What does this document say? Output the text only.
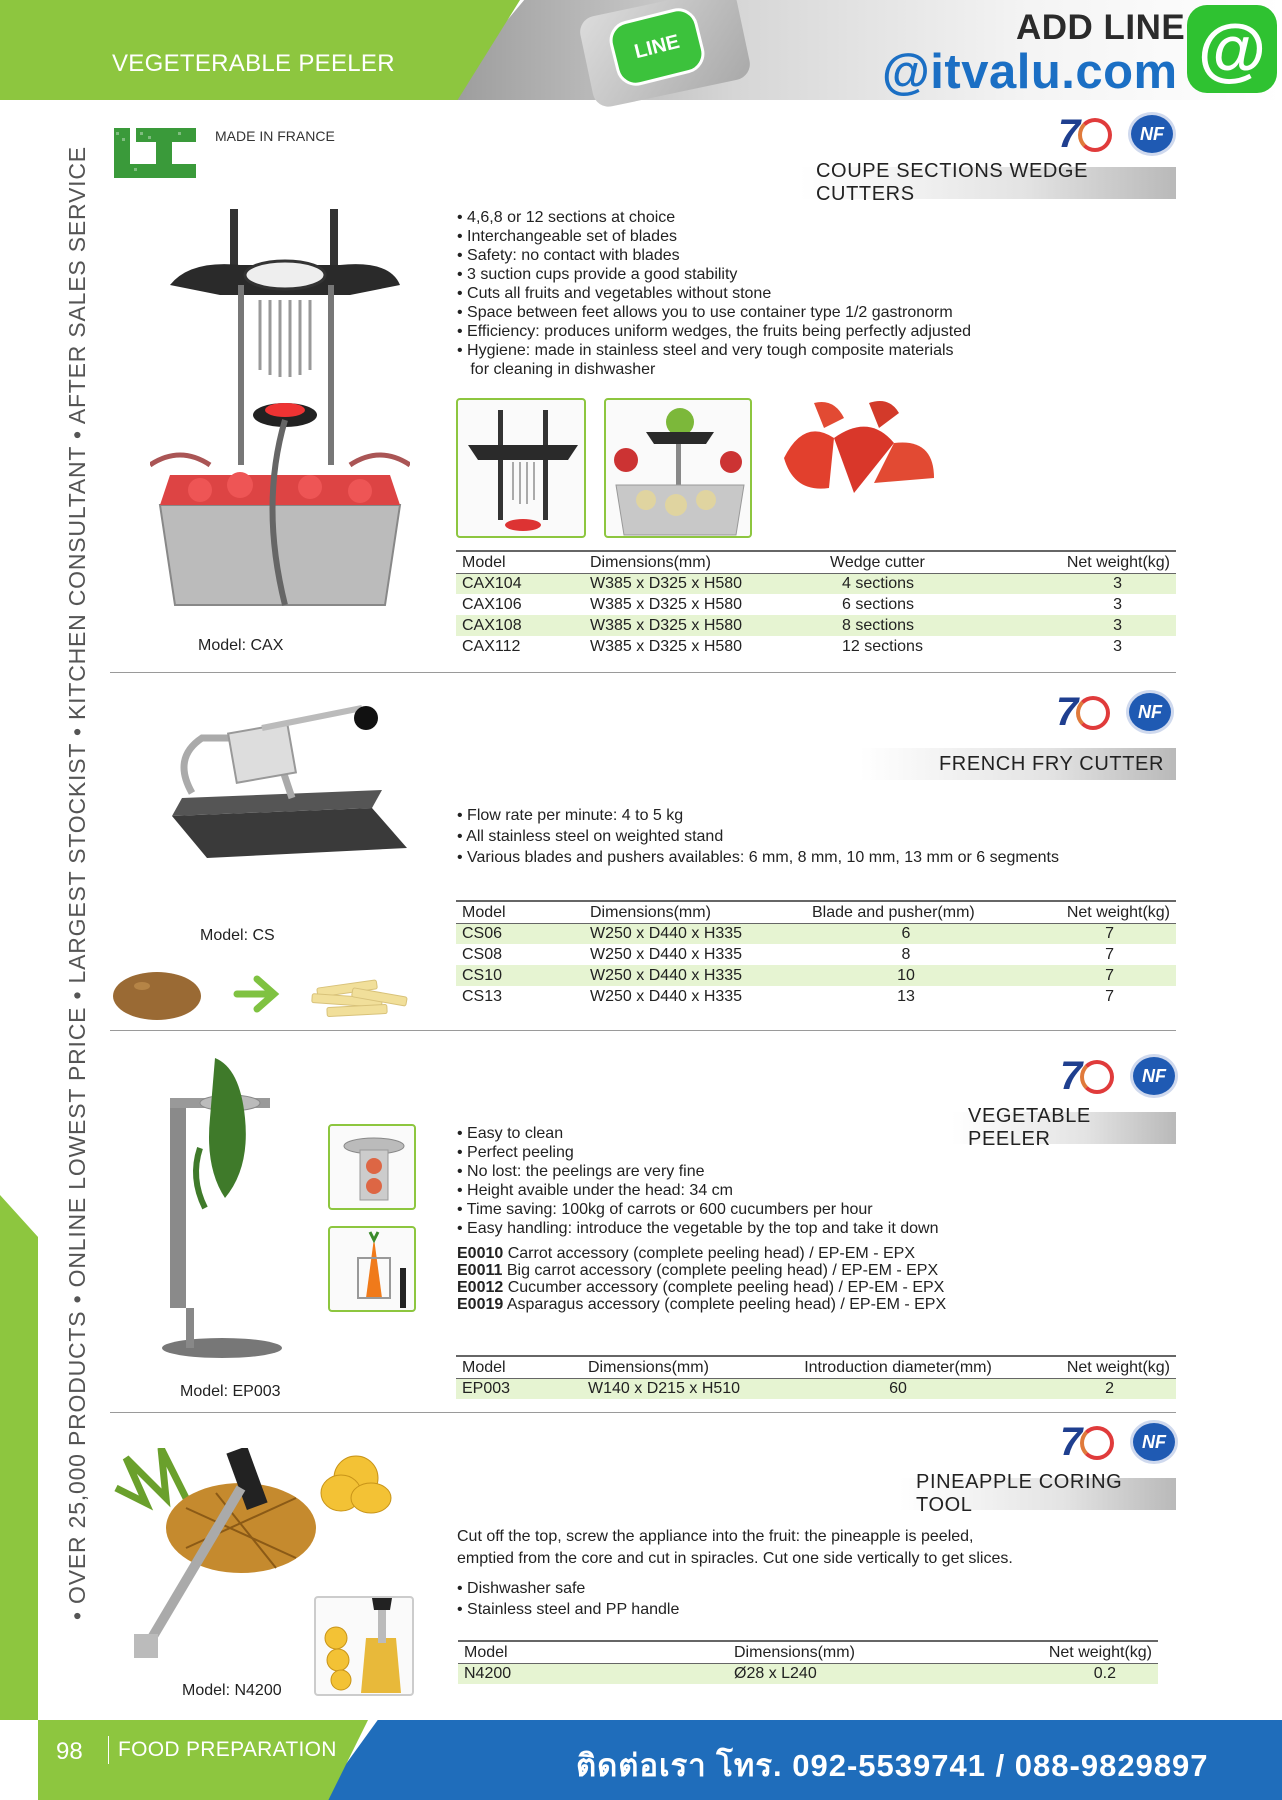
VEGETERABLE PEELER
LINE	ADD LINE
@itvalu.com @
• OVER 25,000 PRODUCTS • ONLINE LOWEST PRICE • LARGEST STOCKIST • KITCHEN CONSULTANT • AFTER SALES SERVICE
MADE IN FRANCE	7	NF
COUPE SECTIONS WEDGE CUTTERS
Model: CAX
• 4,6,8 or 12 sections at choice
• Interchangeable set of blades
• Safety: no contact with blades
• 3 suction cups provide a good stability
• Cuts all fruits and vegetables without stone
• Space between feet allows you to use container type 1/2 gastronorm
• Efficiency: produces uniform wedges, the fruits being perfectly adjusted
• Hygiene: made in stainless steel and very tough composite materials
for cleaning in dishwasher
Model	Dimensions(mm)	Wedge cutter	Net weight(kg)
CAX104	W385 x D325 x H580	4 sections	3
CAX106	W385 x D325 x H580	6 sections	3
CAX108	W385 x D325 x H580	8 sections	3
CAX112	W385 x D325 x H580	12 sections	3
7	NF
FRENCH FRY CUTTER
Model: CS
• Flow rate per minute: 4 to 5 kg
• All stainless steel on weighted stand
• Various blades and pushers availables: 6 mm, 8 mm, 10 mm, 13 mm or 6 segments
Model	Dimensions(mm)	Blade and pusher(mm)	Net weight(kg)
CS06	W250 x D440 x H335	6	7
CS08	W250 x D440 x H335	8	7
CS10	W250 x D440 x H335	10	7
CS13	W250 x D440 x H335	13	7
7	NF
VEGETABLE PEELER
Model: EP003
• Easy to clean
• Perfect peeling
• No lost: the peelings are very fine
• Height avaible under the head: 34 cm
• Time saving: 100kg of carrots or 600 cucumbers per hour
• Easy handling: introduce the vegetable by the top and take it down
E0010 Carrot accessory (complete peeling head) / EP-EM - EPX
E0011 Big carrot accessory (complete peeling head) / EP-EM - EPX
E0012 Cucumber accessory (complete peeling head) / EP-EM - EPX
E0019 Asparagus accessory (complete peeling head) / EP-EM - EPX
Model	Dimensions(mm)	Introduction diameter(mm)	Net weight(kg)
EP003	W140 x D215 x H510	60	2
7	NF
PINEAPPLE CORING TOOL
Model: N4200
Cut off the top, screw the appliance into the fruit: the pineapple is peeled,
emptied from the core and cut in spiracles. Cut one side vertically to get slices.
• Dishwasher safe
• Stainless steel and PP handle
Model	Dimensions(mm)	Net weight(kg)
N4200	Ø28 x L240	0.2
98 FOOD PREPARATION	ติดต่อเรา โทร. 092-5539741 / 088-9829897
